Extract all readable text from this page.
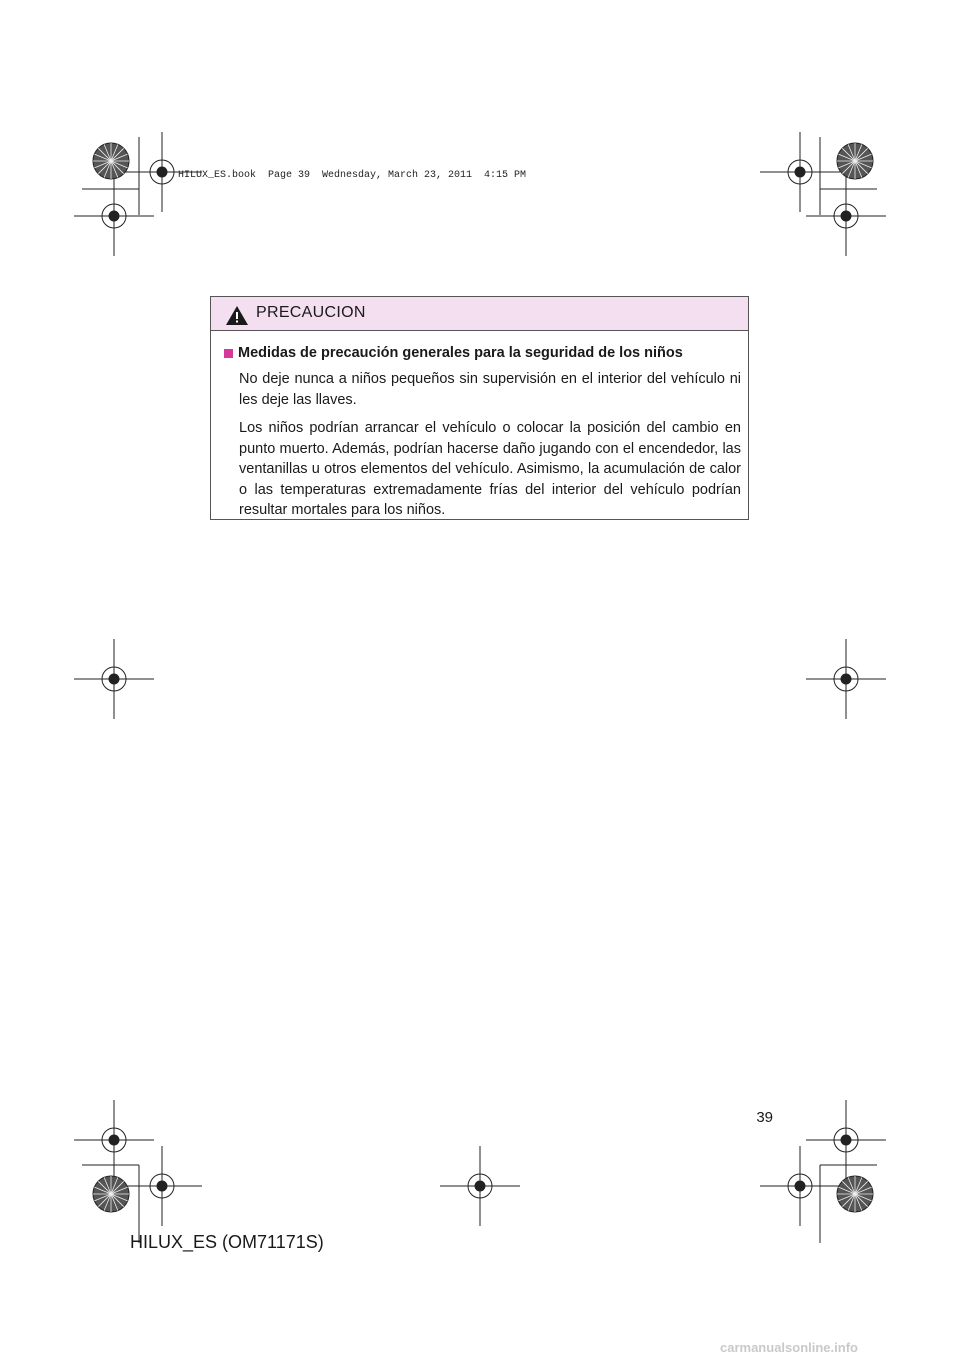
HILUX_ES.book  Page 39  Wednesday, March 23, 2011  4:15 PM
PRECAUCION
Medidas de precaución generales para la seguridad de los niños

No deje nunca a niños pequeños sin supervisión en el interior del vehículo ni les deje las llaves.

Los niños podrían arrancar el vehículo o colocar la posición del cambio en punto muerto. Además, podrían hacerse daño jugando con el encendedor, las ventanillas u otros elementos del vehículo. Asimismo, la acumulación de calor o las temperaturas extremadamente frías del interior del vehículo podrían resultar mortales para los niños.

39
HILUX_ES (OM71171S)
carmanualsonline.info
